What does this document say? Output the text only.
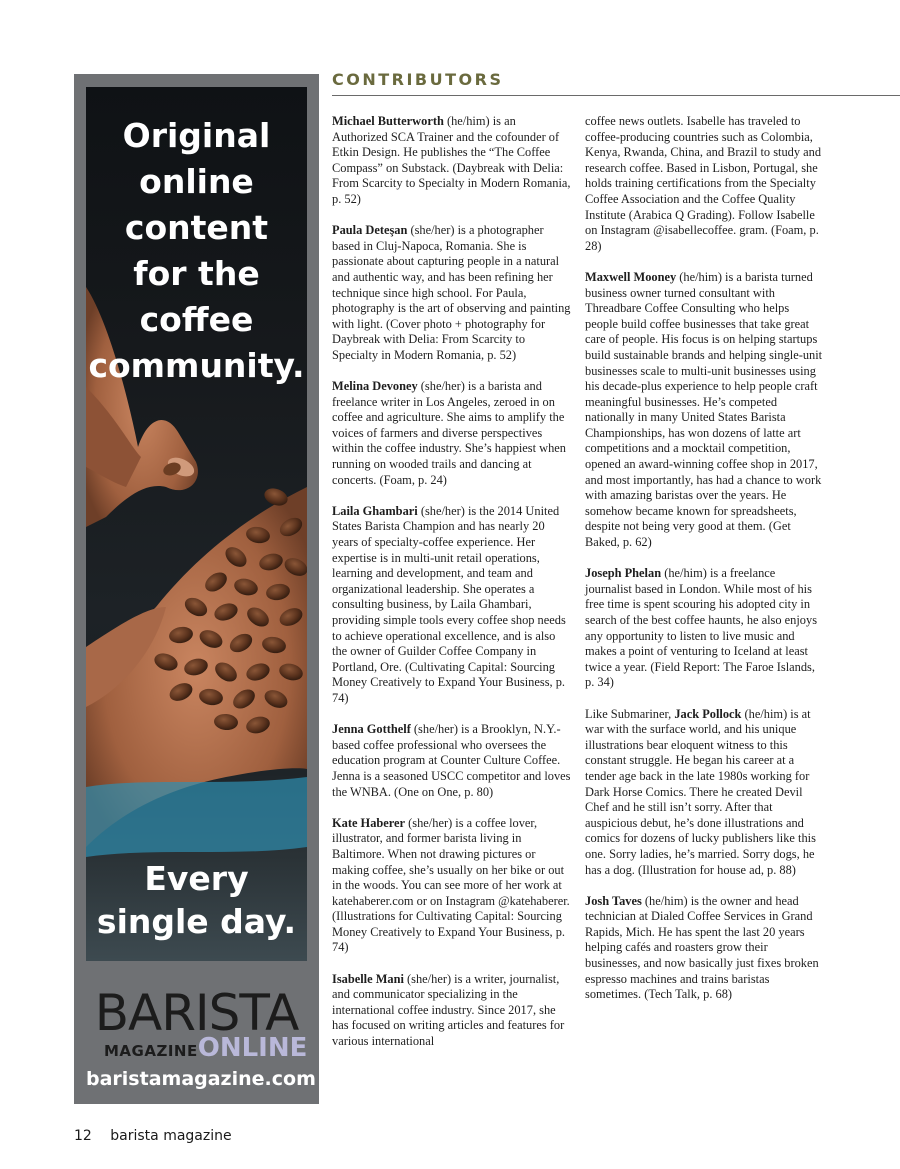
Original
online
content
for the
coffee
community.
Every
single day.
BARISTA
MAGAZINEONLINE
baristamagazine.com
CONTRIBUTORS

Michael Butterworth (he/him) is an Authorized SCA Trainer and the cofounder of Etkin Design. He publishes the “The Coffee Compass” on Substack. (Daybreak with Delia: From Scarcity to Specialty in Modern Romania, p. 52)

Paula Deteşan (she/her) is a photographer based in Cluj-Napoca, Romania. She is passionate about capturing people in a natural and authentic way, and has been refining her technique since high school. For Paula, photography is the art of observing and painting with light. (Cover photo + photography for Daybreak with Delia: From Scarcity to Specialty in Modern Romania, p. 52)

Melina Devoney (she/her) is a barista and freelance writer in Los Angeles, zeroed in on coffee and agriculture. She aims to amplify the voices of farmers and diverse perspectives within the coffee industry. She’s happiest when running on wooded trails and dancing at concerts. (Foam, p. 24)

Laila Ghambari (she/her) is the 2014 United States Barista Champion and has nearly 20 years of specialty-coffee experience. Her expertise is in multi-unit retail operations, learning and development, and team and organizational leadership. She operates a consulting business, by Laila Ghambari, providing simple tools every coffee shop needs to achieve operational excellence, and is also the owner of Guilder Coffee Company in Portland, Ore. (Cultivating Capital: Sourcing Money Creatively to Expand Your Business, p. 74)

Jenna Gotthelf (she/her) is a Brooklyn, N.Y.-based coffee professional who oversees the education program at Counter Culture Coffee. Jenna is a seasoned USCC competitor and loves the WNBA. (One on One, p. 80)

Kate Haberer (she/her) is a coffee lover, illustrator, and former barista living in Baltimore. When not drawing pictures or making coffee, she’s usually on her bike or out in the woods. You can see more of her work at katehaberer.com or on Instagram @katehaberer. (Illustrations for Cultivating Capital: Sourcing Money Creatively to Expand Your Business, p. 74)

Isabelle Mani (she/her) is a writer, journalist, and communicator specializing in the international coffee industry. Since 2017, she has focused on writing articles and features for various international

coffee news outlets. Isabelle has traveled to coffee-producing countries such as Colombia, Kenya, Rwanda, China, and Brazil to study and research coffee. Based in Lisbon, Portugal, she holds training certifications from the Specialty Coffee Association and the Coffee Quality Institute (Arabica Q Grading). Follow Isabelle on Instagram @isabellecoffee. gram. (Foam, p. 28)

Maxwell Mooney (he/him) is a barista turned business owner turned consultant with Threadbare Coffee Consulting who helps people build coffee businesses that take great care of people. His focus is on helping startups build sustainable brands and helping single-unit businesses scale to multi-unit businesses using his decade-plus experience to help people craft meaningful businesses. He’s competed nationally in many United States Barista Championships, has won dozens of latte art competitions and a mocktail competition, opened an award-winning coffee shop in 2017, and most importantly, has had a chance to work with amazing baristas over the years. He somehow became known for spreadsheets, despite not being very good at them. (Get Baked, p. 62)

Joseph Phelan (he/him) is a freelance journalist based in London. While most of his free time is spent scouring his adopted city in search of the best coffee haunts, he also enjoys any opportunity to listen to live music and makes a point of venturing to Iceland at least twice a year. (Field Report: The Faroe Islands, p. 34)

Like Submariner, Jack Pollock (he/him) is at war with the surface world, and his unique illustrations bear eloquent witness to this constant struggle. He began his career at a tender age back in the late 1980s working for Dark Horse Comics. There he created Devil Chef and he still isn’t sorry. After that auspicious debut, he’s done illustrations and comics for dozens of lucky publishers like this one. Sorry ladies, he’s married. Sorry dogs, he has a dog. (Illustration for house ad, p. 88)

Josh Taves (he/him) is the owner and head technician at Dialed Coffee Services in Grand Rapids, Mich. He has spent the last 20 years helping cafés and roasters grow their businesses, and now basically just fixes broken espresso machines and trains baristas sometimes. (Tech Talk, p. 68)

12 barista magazine
